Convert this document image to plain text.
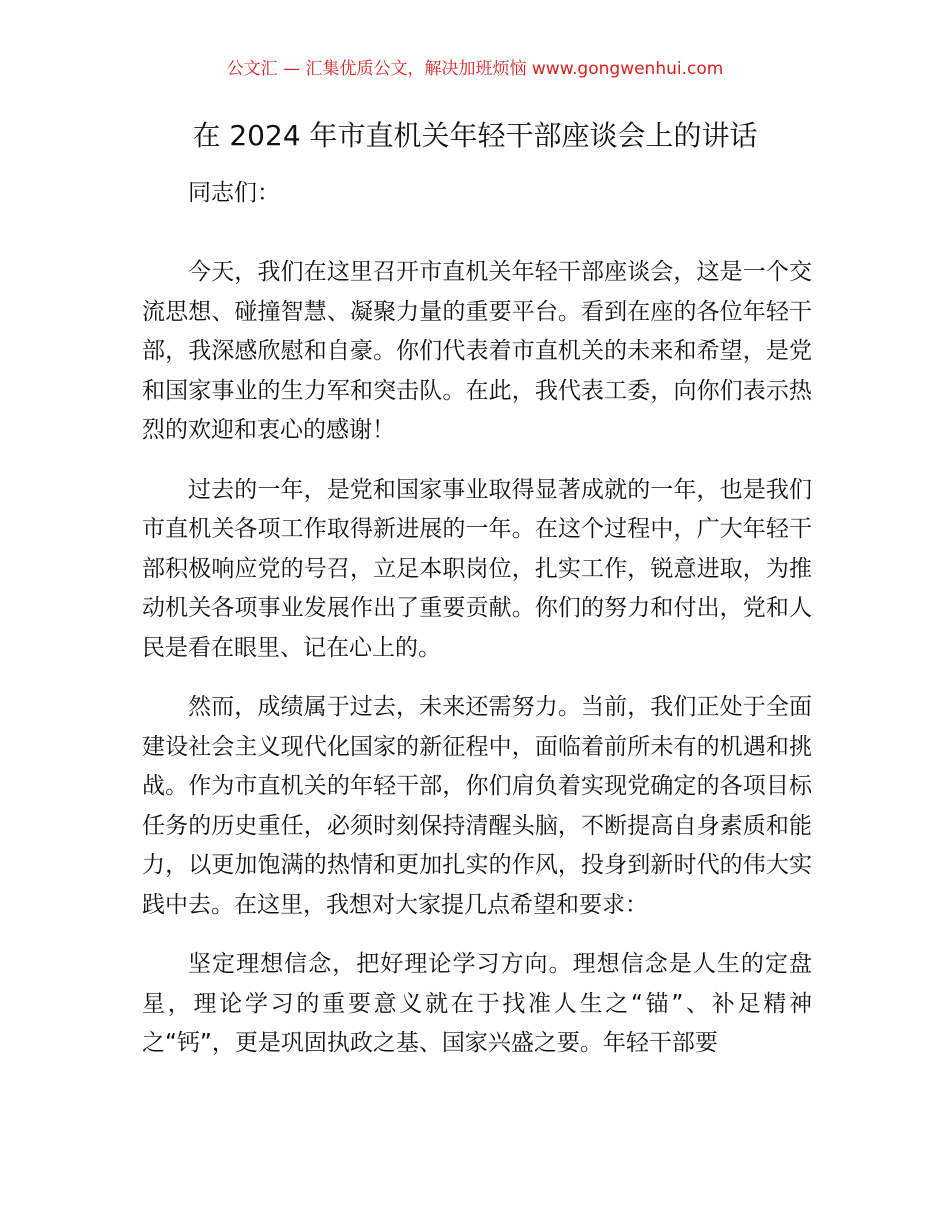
公文汇 — 汇集优质公文，解决加班烦恼 www.gongwenhui.com
在 2024 年市直机关年轻干部座谈会上的讲话

同志们：

今天，我们在这里召开市直机关年轻干部座谈会，这是一个交流思想、碰撞智慧、凝聚力量的重要平台。看到在座的各位年轻干部，我深感欣慰和自豪。你们代表着市直机关的未来和希望，是党和国家事业的生力军和突击队。在此，我代表工委，向你们表示热烈的欢迎和衷心的感谢！

过去的一年，是党和国家事业取得显著成就的一年，也是我们市直机关各项工作取得新进展的一年。在这个过程中，广大年轻干部积极响应党的号召，立足本职岗位，扎实工作，锐意进取，为推动机关各项事业发展作出了重要贡献。你们的努力和付出，党和人民是看在眼里、记在心上的。

然而，成绩属于过去，未来还需努力。当前，我们正处于全面建设社会主义现代化国家的新征程中，面临着前所未有的机遇和挑战。作为市直机关的年轻干部，你们肩负着实现党确定的各项目标任务的历史重任，必须时刻保持清醒头脑，不断提高自身素质和能力，以更加饱满的热情和更加扎实的作风，投身到新时代的伟大实践中去。在这里，我想对大家提几点希望和要求：

坚定理想信念，把好理论学习方向。理想信念是人生的定盘星，理论学习的重要意义就在于找准人生之“锚”、补足精神之“钙”，更是巩固执政之基、国家兴盛之要。年轻干部要
